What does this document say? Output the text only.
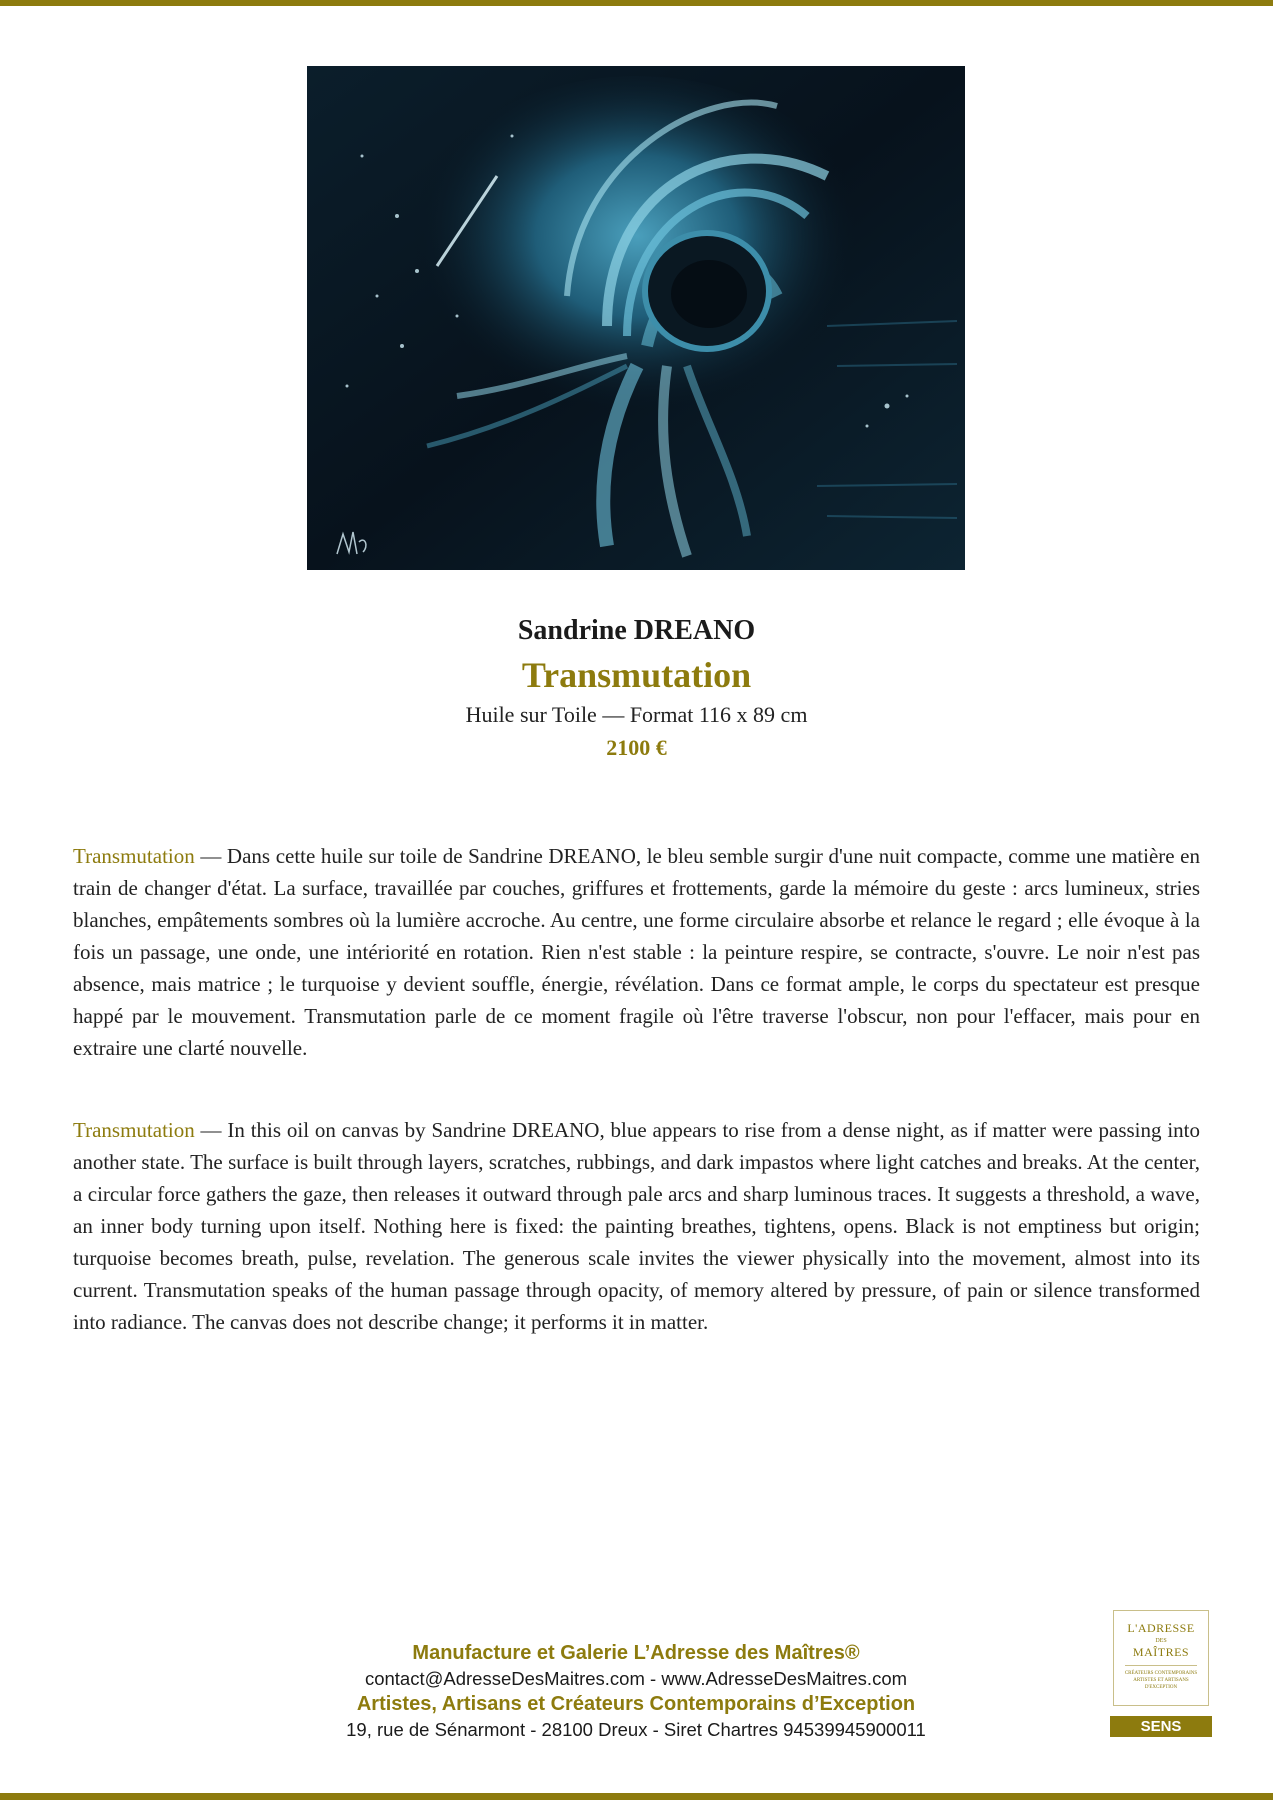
Sandrine DREANO
Transmutation
Huile sur Toile — Format 116 x 89 cm
2100 €

Transmutation — Dans cette huile sur toile de Sandrine DREANO, le bleu semble surgir d'une nuit compacte, comme une matière en train de changer d'état. La surface, travaillée par couches, griffures et frottements, garde la mémoire du geste : arcs lumineux, stries blanches, empâtements sombres où la lumière accroche. Au centre, une forme circulaire absorbe et relance le regard ; elle évoque à la fois un passage, une onde, une intériorité en rotation. Rien n'est stable : la peinture respire, se contracte, s'ouvre. Le noir n'est pas absence, mais matrice ; le turquoise y devient souffle, énergie, révélation. Dans ce format ample, le corps du spectateur est presque happé par le mouvement. Transmutation parle de ce moment fragile où l'être traverse l'obscur, non pour l'effacer, mais pour en extraire une clarté nouvelle.

Transmutation — In this oil on canvas by Sandrine DREANO, blue appears to rise from a dense night, as if matter were passing into another state. The surface is built through layers, scratches, rubbings, and dark impastos where light catches and breaks. At the center, a circular force gathers the gaze, then releases it outward through pale arcs and sharp luminous traces. It suggests a threshold, a wave, an inner body turning upon itself. Nothing here is fixed: the painting breathes, tightens, opens. Black is not emptiness but origin; turquoise becomes breath, pulse, revelation. The generous scale invites the viewer physically into the movement, almost into its current. Transmutation speaks of the human passage through opacity, of memory altered by pressure, of pain or silence transformed into radiance. The canvas does not describe change; it performs it in matter.

Manufacture et Galerie L’Adresse des Maîtres®
contact@AdresseDesMaitres.com - www.AdresseDesMaitres.com
Artistes, Artisans et Créateurs Contemporains d’Exception
19, rue de Sénarmont - 28100 Dreux - Siret Chartres 94539945900011
L'ADRESSE
DES
MAÎTRES
CRÉATEURS CONTEMPORAINS ARTISTES ET ARTISANS D'EXCEPTION
SENS
